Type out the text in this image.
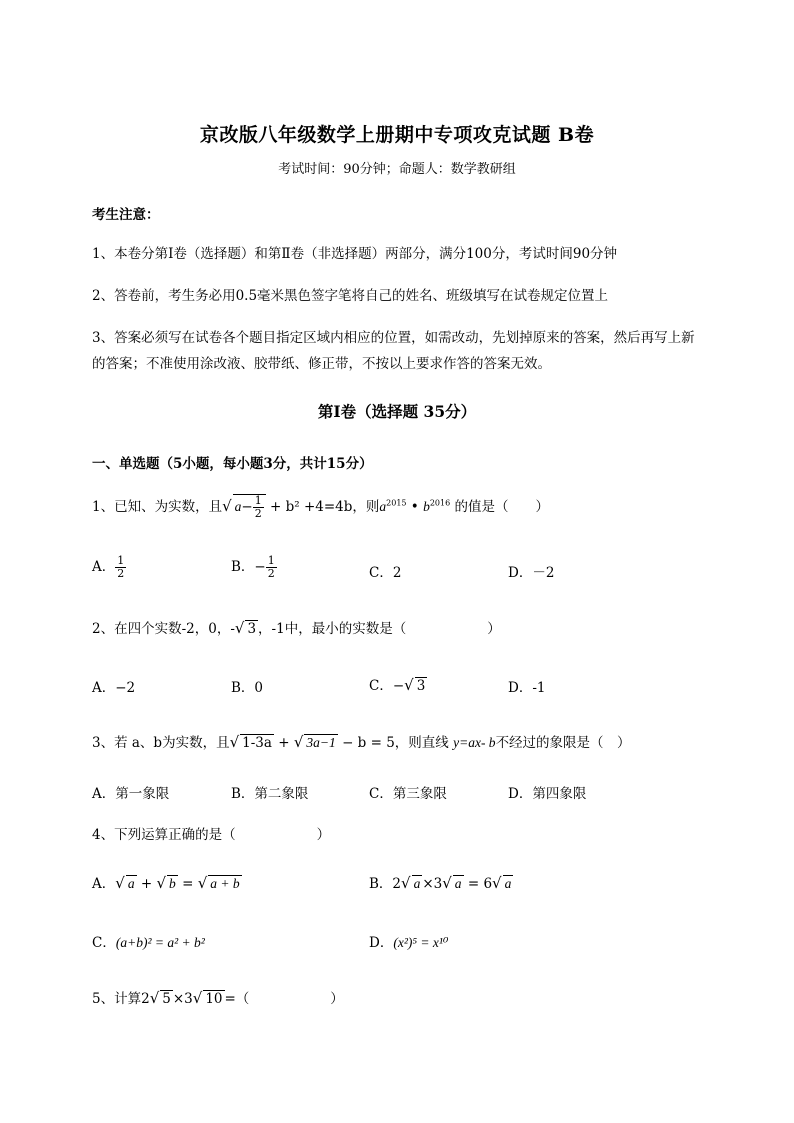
京改版八年级数学上册期中专项攻克试题 B卷
考试时间：90分钟；命题人：数学教研组
考生注意：
1、本卷分第I卷（选择题）和第Ⅱ卷（非选择题）两部分，满分100分，考试时间90分钟
2、答卷前，考生务必用0.5毫米黑色签字笔将自己的姓名、班级填写在试卷规定位置上
3、答案必须写在试卷各个题目指定区域内相应的位置，如需改动，先划掉原来的答案，然后再写上新
的答案；不准使用涂改液、胶带纸、修正带，不按以上要求作答的答案无效。
第I卷（选择题 35分）
一、单选题（5小题，每小题3分，共计15分）
1、已知、为实数，且√ $a- \frac{1}{2} + b^2 +4=4b$，则$a^{2015}$ • $b^{2016}$ 的值是（　　）
A． $\frac{1}{2}$	B．− $\frac{1}{2}$	C．2	D．－2
2、在四个实数-2，0，-√ 3 ，-1中，最小的实数是（　　　　　　）
A．−2	B．0	C．−√ 3	D．-1
3、若 a、b为实数，且√ 1-3a + √ 3a−1 − b = 5，则直线 y=ax- b不经过的象限是（　）
A．第一象限	B．第二象限	C．第三象限	D．第四象限
4、下列运算正确的是（　　　　　　）
A．√ a + √ b = √ a + b	B．2√ a ×3√ a = 6√ a
C．(a+b)² = a² + b²	D．(x²)⁵ = x¹⁰
5、计算2√ 5 ×3√ 10 =（　　　　　　）
